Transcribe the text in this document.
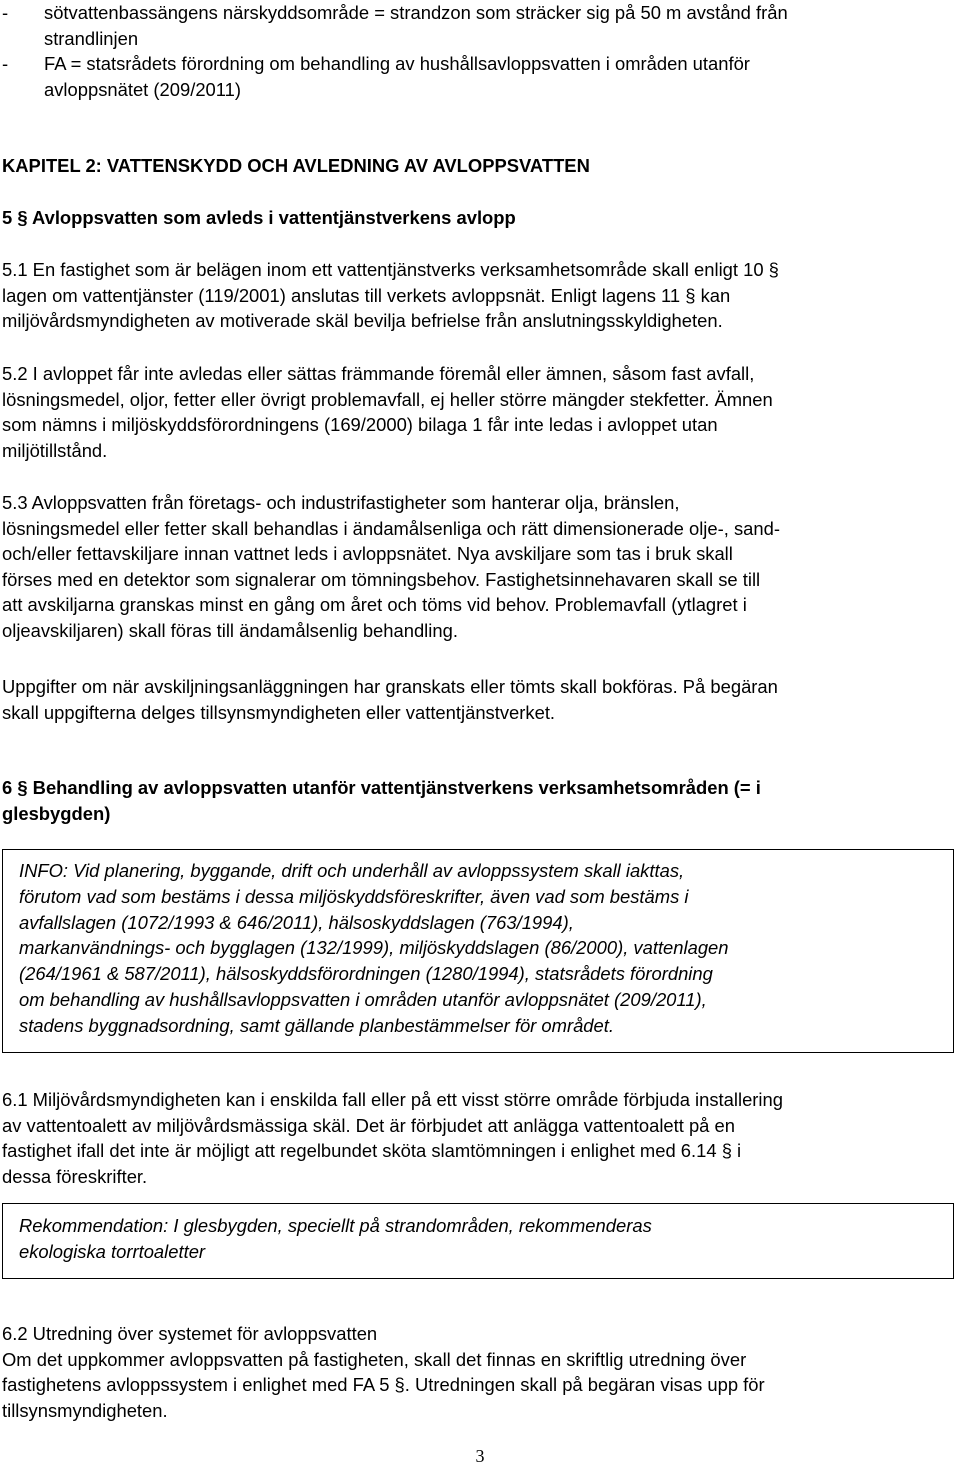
- sötvattenbassängens närskyddsområde = strandzon som sträcker sig på 50 m avstånd från
strandlinjen
- FA = statsrådets förordning om behandling av hushållsavloppsvatten i områden utanför
avloppsnätet (209/2011)
KAPITEL 2: VATTENSKYDD OCH AVLEDNING AV AVLOPPSVATTEN
5 § Avloppsvatten som avleds i vattentjänstverkens avlopp
5.1 En fastighet som är belägen inom ett vattentjänstverks verksamhetsområde skall enligt 10 §
lagen om vattentjänster (119/2001) anslutas till verkets avloppsnät. Enligt lagens 11 § kan
miljövårdsmyndigheten av motiverade skäl bevilja befrielse från anslutningsskyldigheten.
5.2 I avloppet får inte avledas eller sättas främmande föremål eller ämnen, såsom fast avfall,
lösningsmedel, oljor, fetter eller övrigt problemavfall, ej heller större mängder stekfetter. Ämnen
som nämns i miljöskyddsförordningens (169/2000) bilaga 1 får inte ledas i avloppet utan
miljötillstånd.
5.3 Avloppsvatten från företags- och industrifastigheter som hanterar olja, bränslen,
lösningsmedel eller fetter skall behandlas i ändamålsenliga och rätt dimensionerade olje-, sand-
och/eller fettavskiljare innan vattnet leds i avloppsnätet. Nya avskiljare som tas i bruk skall
förses med en detektor som signalerar om tömningsbehov. Fastighetsinnehavaren skall se till
att avskiljarna granskas minst en gång om året och töms vid behov. Problemavfall (ytlagret i
oljeavskiljaren) skall föras till ändamålsenlig behandling.
Uppgifter om när avskiljningsanläggningen har granskats eller tömts skall bokföras. På begäran
skall uppgifterna delges tillsynsmyndigheten eller vattentjänstverket.
6 § Behandling av avloppsvatten utanför vattentjänstverkens verksamhetsområden (= i
glesbygden)
INFO: Vid planering, byggande, drift och underhåll av avloppssystem skall iakttas,
förutom vad som bestäms i dessa miljöskyddsföreskrifter, även vad som bestäms i
avfallslagen (1072/1993 & 646/2011), hälsoskyddslagen (763/1994),
markanvändnings- och bygglagen (132/1999), miljöskyddslagen (86/2000), vattenlagen
(264/1961 & 587/2011), hälsoskyddsförordningen (1280/1994), statsrådets förordning
om behandling av hushållsavloppsvatten i områden utanför avloppsnätet (209/2011),
stadens byggnadsordning, samt gällande planbestämmelser för området.
6.1 Miljövårdsmyndigheten kan i enskilda fall eller på ett visst större område förbjuda installering
av vattentoalett av miljövårdsmässiga skäl. Det är förbjudet att anlägga vattentoalett på en
fastighet ifall det inte är möjligt att regelbundet sköta slamtömningen i enlighet med 6.14 § i
dessa föreskrifter.
Rekommendation: I glesbygden, speciellt på strandområden, rekommenderas
ekologiska torrtoaletter
6.2 Utredning över systemet för avloppsvatten
Om det uppkommer avloppsvatten på fastigheten, skall det finnas en skriftlig utredning över
fastighetens avloppssystem i enlighet med FA 5 §. Utredningen skall på begäran visas upp för
tillsynsmyndigheten.
3
